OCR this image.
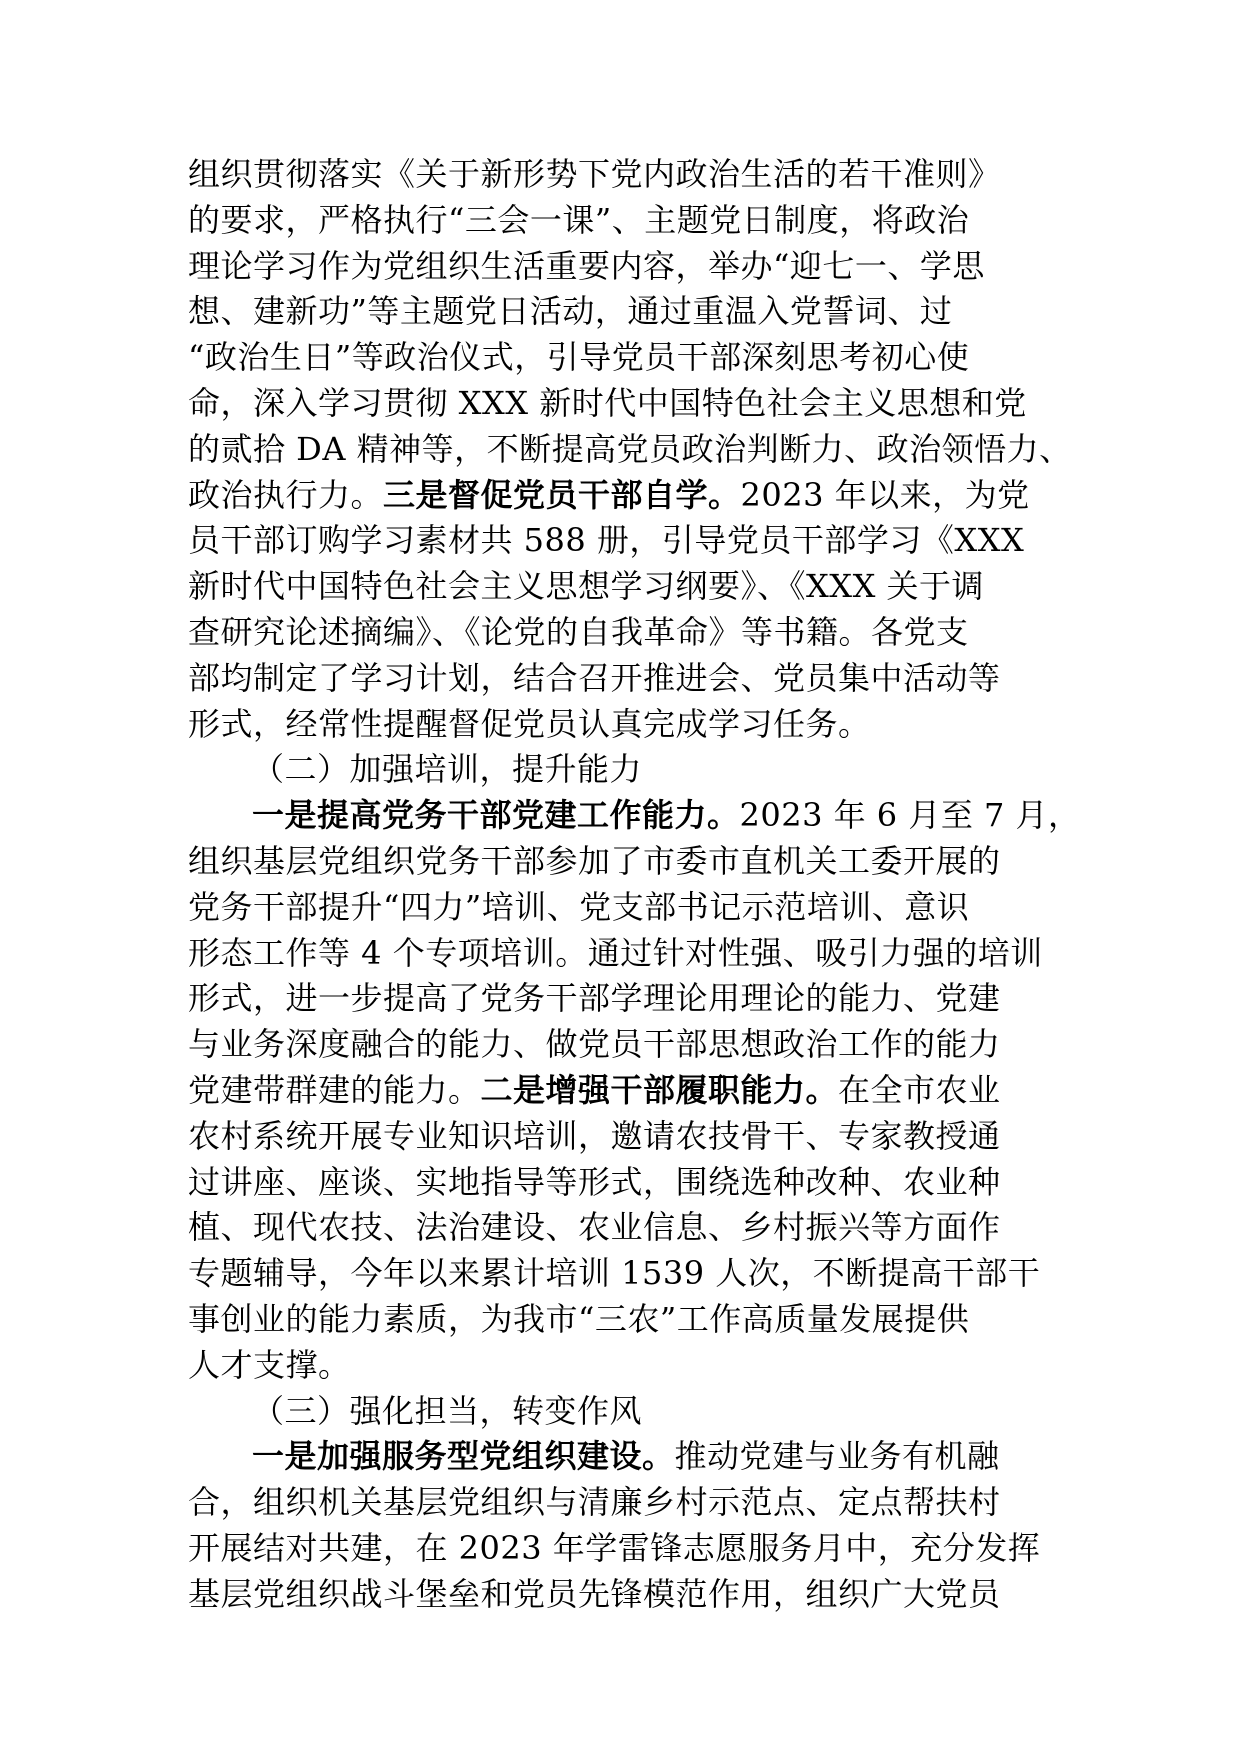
组织贯彻落实《关于新形势下党内政治生活的若干准则》
的要求，严格执行“三会一课”、主题党日制度，将政治
理论学习作为党组织生活重要内容，举办“迎七一、学思
想、建新功”等主题党日活动，通过重温入党誓词、过
“政治生日”等政治仪式，引导党员干部深刻思考初心使
命，深入学习贯彻 XXX 新时代中国特色社会主义思想和党
的贰拾 DA 精神等，不断提高党员政治判断力、政治领悟力、
政治执行力。三是督促党员干部自学。2023 年以来，为党
员干部订购学习素材共 588 册，引导党员干部学习《XXX
新时代中国特色社会主义思想学习纲要》、《XXX 关于调
查研究论述摘编》、《论党的自我革命》等书籍。各党支
部均制定了学习计划，结合召开推进会、党员集中活动等
形式，经常性提醒督促党员认真完成学习任务。
（二）加强培训，提升能力
一是提高党务干部党建工作能力。2023 年 6 月至 7 月，
组织基层党组织党务干部参加了市委市直机关工委开展的
党务干部提升“四力”培训、党支部书记示范培训、意识
形态工作等 4 个专项培训。通过针对性强、吸引力强的培训
形式，进一步提高了党务干部学理论用理论的能力、党建
与业务深度融合的能力、做党员干部思想政治工作的能力
党建带群建的能力。二是增强干部履职能力。在全市农业
农村系统开展专业知识培训，邀请农技骨干、专家教授通
过讲座、座谈、实地指导等形式，围绕选种改种、农业种
植、现代农技、法治建设、农业信息、乡村振兴等方面作
专题辅导，今年以来累计培训 1539 人次，不断提高干部干
事创业的能力素质，为我市“三农”工作高质量发展提供
人才支撑。
（三）强化担当，转变作风
一是加强服务型党组织建设。推动党建与业务有机融
合，组织机关基层党组织与清廉乡村示范点、定点帮扶村
开展结对共建，在 2023 年学雷锋志愿服务月中，充分发挥
基层党组织战斗堡垒和党员先锋模范作用，组织广大党员
